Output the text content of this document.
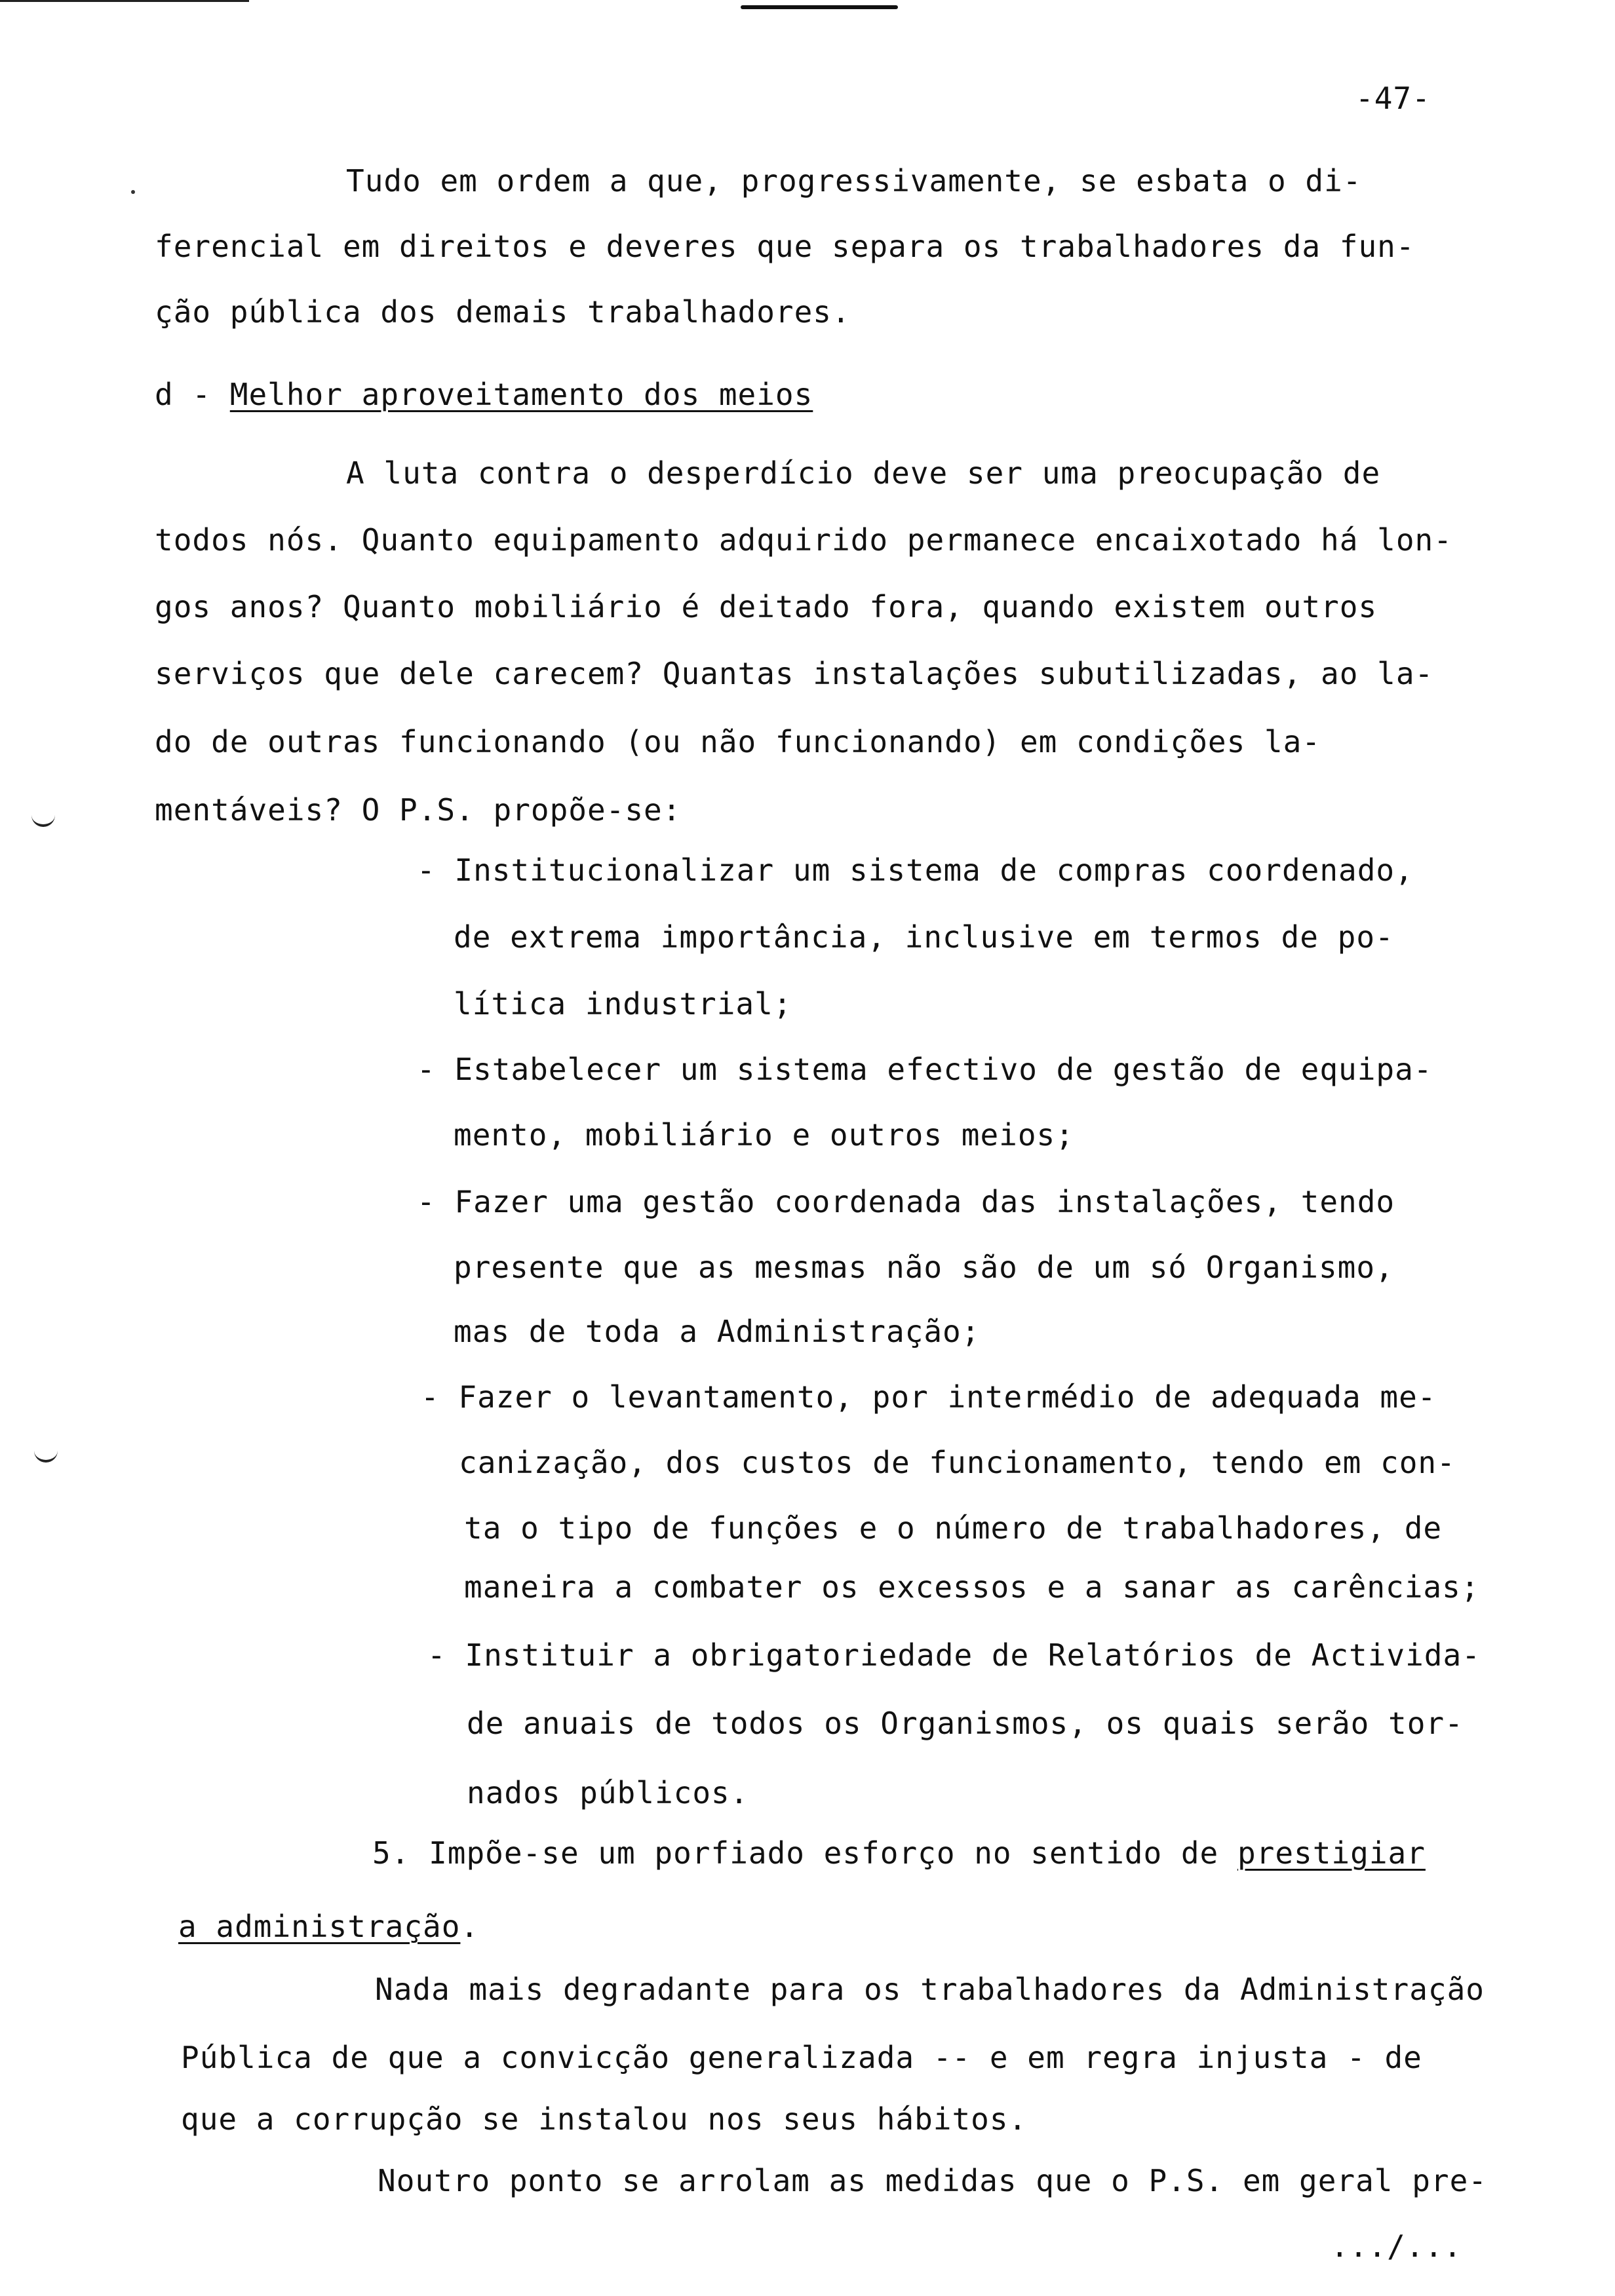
-47-
Tudo em ordem a que, progressivamente, se esbata o di-
ferencial em direitos e deveres que separa os trabalhadores da fun-
ção pública dos demais trabalhadores.
d - Melhor aproveitamento dos meios
A luta contra o desperdício deve ser uma preocupação de
todos nós. Quanto equipamento adquirido permanece encaixotado há lon-
gos anos? Quanto mobiliário é deitado fora, quando existem outros
serviços que dele carecem? Quantas instalações subutilizadas, ao la-
do de outras funcionando (ou não funcionando) em condições la-
mentáveis? O P.S. propõe-se:
- Institucionalizar um sistema de compras coordenado,
de extrema importância, inclusive em termos de po-
lítica industrial;
- Estabelecer um sistema efectivo de gestão de equipa-
mento, mobiliário e outros meios;
- Fazer uma gestão coordenada das instalações, tendo
presente que as mesmas não são de um só Organismo,
mas de toda a Administração;
- Fazer o levantamento, por intermédio de adequada me-
canização, dos custos de funcionamento, tendo em con-
ta o tipo de funções e o número de trabalhadores, de
maneira a combater os excessos e a sanar as carências;
- Instituir a obrigatoriedade de Relatórios de Activida-
de anuais de todos os Organismos, os quais serão tor-
nados públicos.
5. Impõe-se um porfiado esforço no sentido de prestigiar
a administração.
Nada mais degradante para os trabalhadores da Administração
Pública de que a convicção generalizada -- e em regra injusta - de
que a corrupção se instalou nos seus hábitos.
Noutro ponto se arrolam as medidas que o P.S. em geral pre-
.../...
